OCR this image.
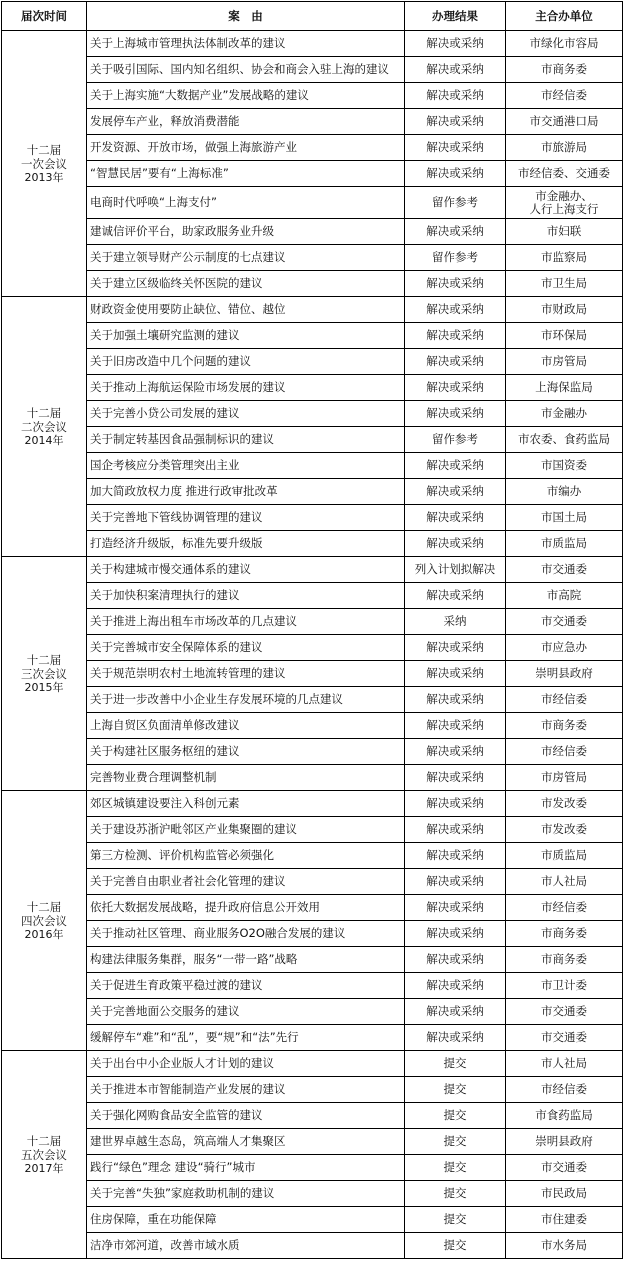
届次时间	案　由	办理结果	主合办单位

十二届
一次会议
2013年	关于上海城市管理执法体制改革的建议	解决或采纳	市绿化市容局
	关于吸引国际、国内知名组织、协会和商会入驻上海的建议	解决或采纳	市商务委
	关于上海实施“大数据产业”发展战略的建议	解决或采纳	市经信委
	发展停车产业，释放消费潜能	解决或采纳	市交通港口局
	开发资源、开放市场，做强上海旅游产业	解决或采纳	市旅游局
	“智慧民居”要有“上海标准”	解决或采纳	市经信委、交通委
	电商时代呼唤“上海支付”	留作参考	市金融办、
人行上海支行
	建诚信评价平台，助家政服务业升级	解决或采纳	市妇联
	关于建立领导财产公示制度的七点建议	留作参考	市监察局
	关于建立区级临终关怀医院的建议	解决或采纳	市卫生局

十二届
二次会议
2014年	财政资金使用要防止缺位、错位、越位	解决或采纳	市财政局
	关于加强土壤研究监测的建议	解决或采纳	市环保局
	关于旧房改造中几个问题的建议	解决或采纳	市房管局
	关于推动上海航运保险市场发展的建议	解决或采纳	上海保监局
	关于完善小贷公司发展的建议	解决或采纳	市金融办
	关于制定转基因食品强制标识的建议	留作参考	市农委、食药监局
	国企考核应分类管理突出主业	解决或采纳	市国资委
	加大简政放权力度 推进行政审批改革	解决或采纳	市编办
	关于完善地下管线协调管理的建议	解决或采纳	市国土局
	打造经济升级版，标准先要升级版	解决或采纳	市质监局

十二届
三次会议
2015年	关于构建城市慢交通体系的建议	列入计划拟解决	市交通委
	关于加快积案清理执行的建议	解决或采纳	市高院
	关于推进上海出租车市场改革的几点建议	采纳	市交通委
	关于完善城市安全保障体系的建议	解决或采纳	市应急办
	关于规范崇明农村土地流转管理的建议	解决或采纳	崇明县政府
	关于进一步改善中小企业生存发展环境的几点建议	解决或采纳	市经信委
	上海自贸区负面清单修改建议	解决或采纳	市商务委
	关于构建社区服务枢纽的建议	解决或采纳	市经信委
	完善物业费合理调整机制	解决或采纳	市房管局

十二届
四次会议
2016年	郊区城镇建设要注入科创元素	解决或采纳	市发改委
	关于建设苏浙沪毗邻区产业集聚圈的建议	解决或采纳	市发改委
	第三方检测、评价机构监管必须强化	解决或采纳	市质监局
	关于完善自由职业者社会化管理的建议	解决或采纳	市人社局
	依托大数据发展战略，提升政府信息公开效用	解决或采纳	市经信委
	关于推动社区管理、商业服务O2O融合发展的建议	解决或采纳	市商务委
	构建法律服务集群，服务“一带一路”战略	解决或采纳	市商务委
	关于促进生育政策平稳过渡的建议	解决或采纳	市卫计委
	关于完善地面公交服务的建议	解决或采纳	市交通委
	缓解停车“难”和“乱”，要“规”和“法”先行	解决或采纳	市交通委

十二届
五次会议
2017年	关于出台中小企业版人才计划的建议	提交	市人社局
	关于推进本市智能制造产业发展的建议	提交	市经信委
	关于强化网购食品安全监管的建议	提交	市食药监局
	建世界卓越生态岛，筑高端人才集聚区	提交	崇明县政府
	践行“绿色”理念 建设“骑行”城市	提交	市交通委
	关于完善“失独”家庭救助机制的建议	提交	市民政局
	住房保障，重在功能保障	提交	市住建委
	洁净市郊河道，改善市域水质	提交	市水务局
